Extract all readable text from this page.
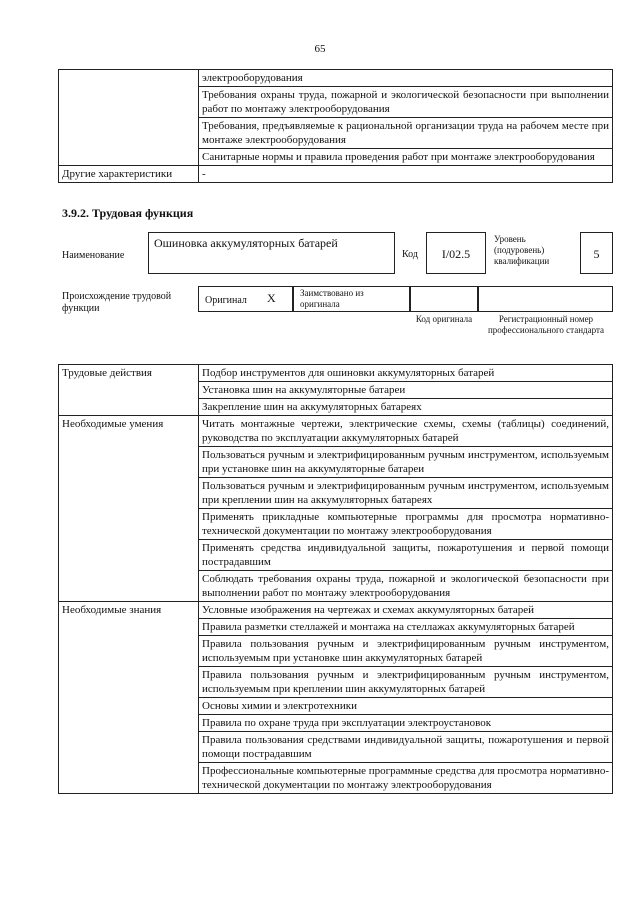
65
	электрооборудования
	Требования охраны труда, пожарной и экологической безопасности при выполнении работ по монтажу электрооборудования
	Требования, предъявляемые к рациональной организации труда на рабочем месте при монтаже электрооборудования
	Санитарные нормы и правила проведения работ при монтаже электрооборудования
Другие характеристики	-
3.9.2. Трудовая функция
Наименование
Ошиновка аккумуляторных батарей
Код	I/02.5
Уровень (подуровень) квалификации	5
Происхождение трудовой функции
Оригинал X	Заимствовано из оригинала
Код оригинала	Регистрационный номер профессионального стандарта
Трудовые действия	Подбор инструментов для ошиновки аккумуляторных батарей
	Установка шин на аккумуляторные батареи
	Закрепление шин на аккумуляторных батареях
Необходимые умения	Читать монтажные чертежи, электрические схемы, схемы (таблицы) соединений, руководства по эксплуатации аккумуляторных батарей
	Пользоваться ручным и электрифицированным ручным инструментом, используемым при установке шин на аккумуляторные батареи
	Пользоваться ручным и электрифицированным ручным инструментом, используемым при креплении шин на аккумуляторных батареях
	Применять прикладные компьютерные программы для просмотра нормативно-технической документации по монтажу электрооборудования
	Применять средства индивидуальной защиты, пожаротушения и первой помощи пострадавшим
	Соблюдать требования охраны труда, пожарной и экологической безопасности при выполнении работ по монтажу электрооборудования
Необходимые знания	Условные изображения на чертежах и схемах аккумуляторных батарей
	Правила разметки стеллажей и монтажа на стеллажах аккумуляторных батарей
	Правила пользования ручным и электрифицированным ручным инструментом, используемым при установке шин аккумуляторных батарей
	Правила пользования ручным и электрифицированным ручным инструментом, используемым при креплении шин аккумуляторных батарей
	Основы химии и электротехники
	Правила по охране труда при эксплуатации электроустановок
	Правила пользования средствами индивидуальной защиты, пожаротушения и первой помощи пострадавшим
	Профессиональные компьютерные программные средства для просмотра нормативно-технической документации по монтажу электрооборудования
